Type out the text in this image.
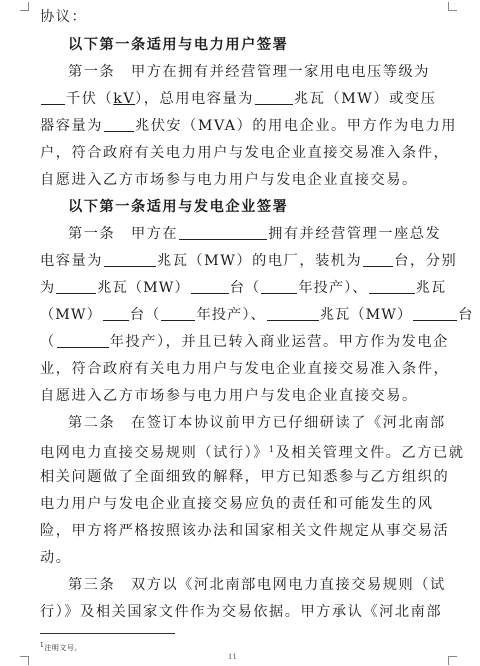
协议：
以下第一条适用与电力用户签署
第一条　甲方在拥有并经营管理一家用电电压等级为
千伏（kV），总用电容量为	兆瓦（MW）或变压
器容量为 兆伏安（MVA）的用电企业。甲方作为电力用
户，符合政府有关电力用户与发电企业直接交易准入条件，
自愿进入乙方市场参与电力用户与发电企业直接交易。
以下第一条适用与发电企业签署
第一条　甲方在	拥有并经营管理一座总发
电容量为	兆瓦（MW）的电厂，装机为 台，分别
为	兆瓦（MW）	台（	年投产）、	兆瓦
（MW） 台（	年投产）、	兆瓦（MW）	台
（	年投产），并且已转入商业运营。甲方作为发电企
业，符合政府有关电力用户与发电企业直接交易准入条件，
自愿进入乙方市场参与电力用户与发电企业直接交易。
第二条　在签订本协议前甲方已仔细研读了《河北南部
电网电力直接交易规则（试行）》$^1$及相关管理文件。乙方已就
相关问题做了全面细致的解释，甲方已知悉参与乙方组织的
电力用户与发电企业直接交易应负的责任和可能发生的风
险，甲方将严格按照该办法和国家相关文件规定从事交易活
动。
第三条　双方以《河北南部电网电力直接交易规则（试
行）》及相关国家文件作为交易依据。甲方承认《河北南部
$^1$注明文号。
11
